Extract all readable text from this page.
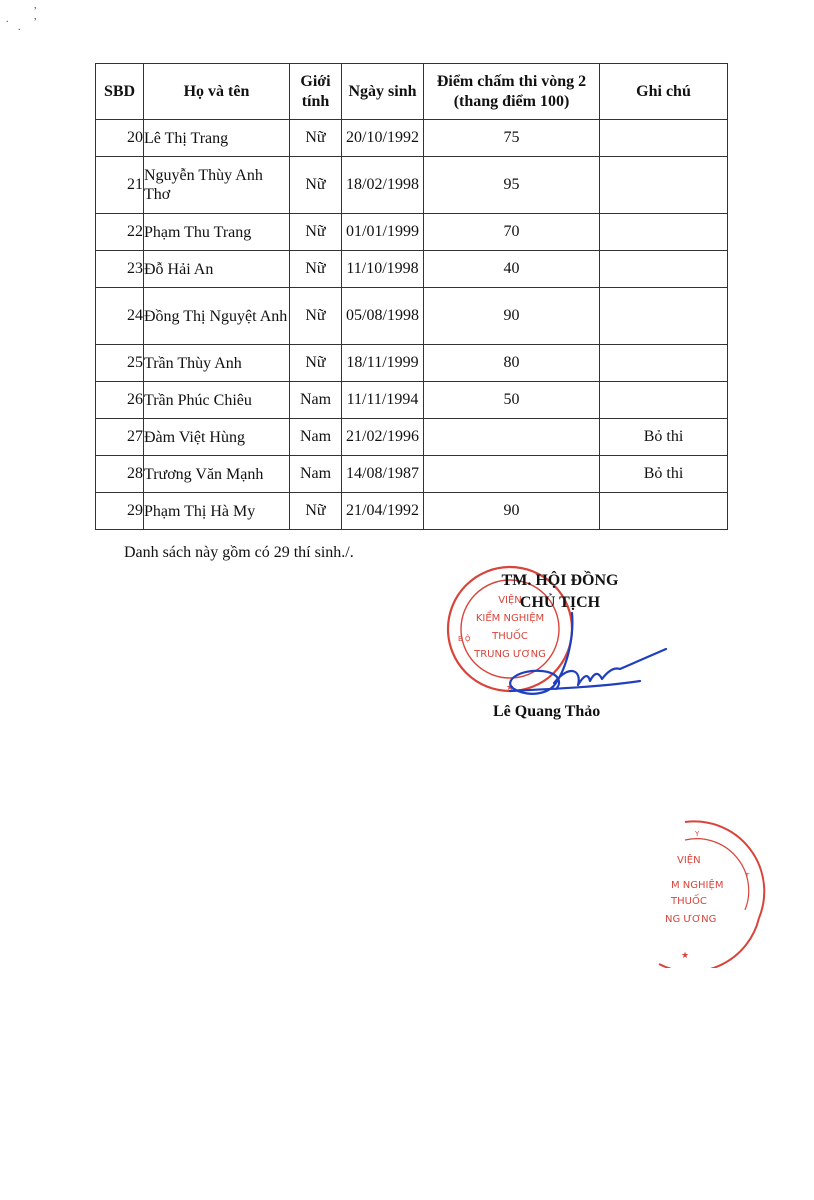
, ,
.
.
SBD	Họ và tên	Giới tính	Ngày sinh	Điểm chấm thi vòng 2 (thang điểm 100)	Ghi chú
20	Lê Thị Trang	Nữ	20/10/1992	75	
21	Nguyễn Thùy Anh Thơ	Nữ	18/02/1998	95	
22	Phạm Thu Trang	Nữ	01/01/1999	70	
23	Đỗ Hải An	Nữ	11/10/1998	40	
24	Đồng Thị Nguyệt Anh	Nữ	05/08/1998	90	
25	Trần Thùy Anh	Nữ	18/11/1999	80	
26	Trần Phúc Chiêu	Nam	11/11/1994	50	
27	Đàm Việt Hùng	Nam	21/02/1996		Bỏ thi
28	Trương Văn Mạnh	Nam	14/08/1987		Bỏ thi
29	Phạm Thị Hà My	Nữ	21/04/1992	90	
Danh sách này gồm có 29 thí sinh./.
B Ộ
★
VIỆN
KIỂM NGHIỆM
THUỐC
TRUNG ƯƠNG
TM. HỘI ĐỒNG
CHỦ TỊCH
Lê Quang Thảo
Y
T
★
VIỆN
M NGHIỆM
THUỐC
NG ƯƠNG
